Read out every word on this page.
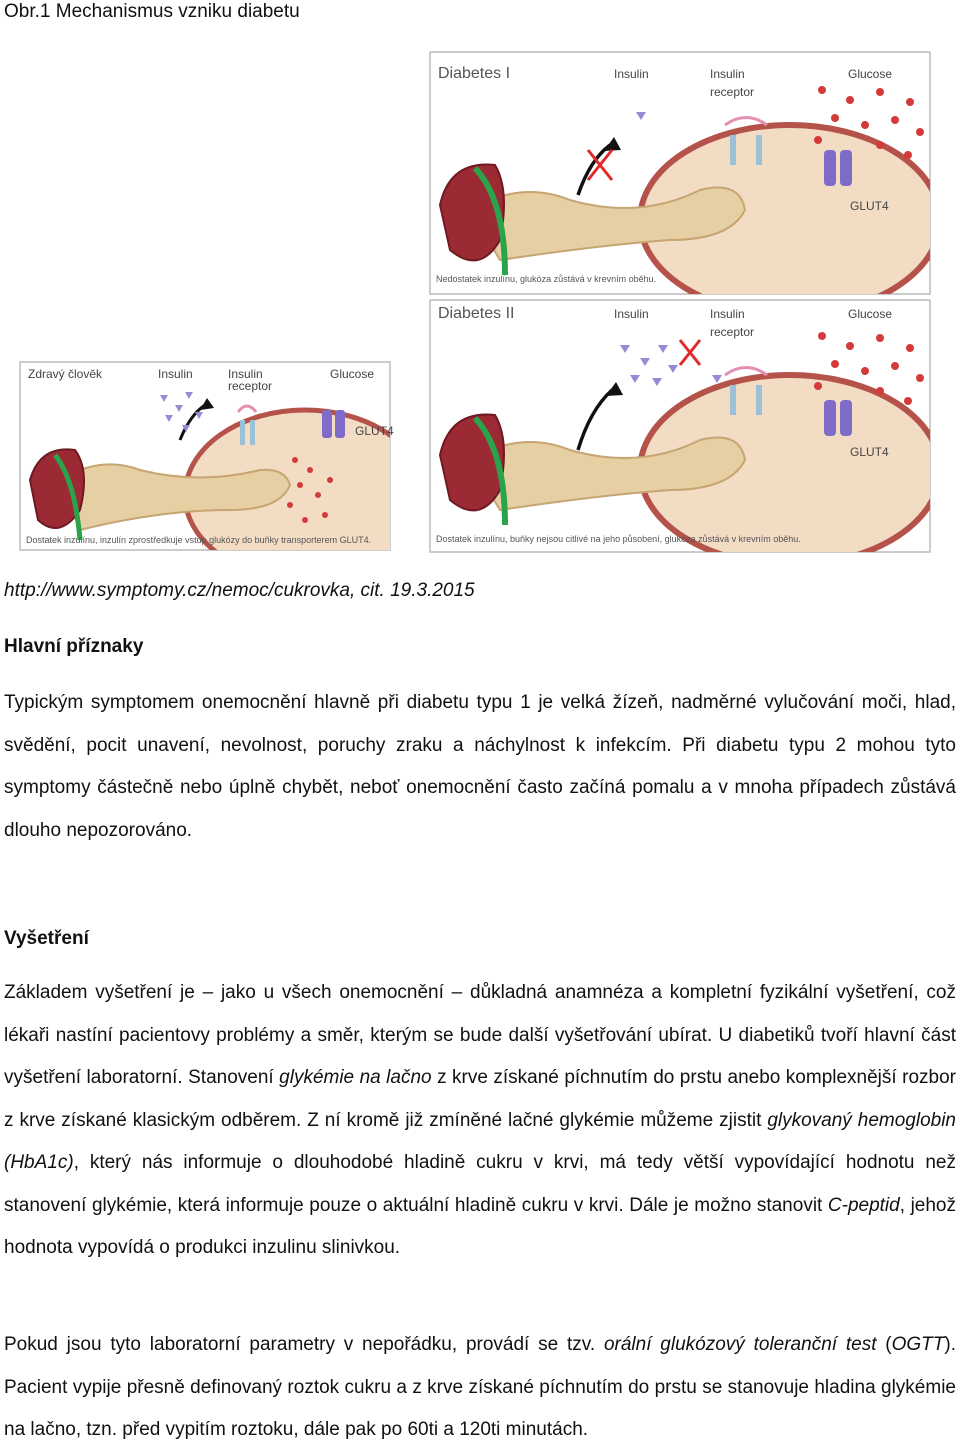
Obr.1 Mechanismus vzniku diabetu
Zdravý člověk	Insulin	Insulin
receptor
Glucose
GLUT4
Dostatek inzulínu, inzulín zprostředkuje vstup glukózy do buňky transporterem GLUT4.
Diabetes I	Insulin	Insulin
receptor
Glucose
GLUT4
Nedostatek inzulínu, glukóza zůstává v krevním oběhu.
Diabetes II	Insulin	Insulin
receptor
Glucose
GLUT4
Dostatek inzulínu, buňky nejsou citlivé na jeho působení, glukóza zůstává v krevním oběhu.
http://www.symptomy.cz/nemoc/cukrovka, cit. 19.3.2015
Hlavní příznaky

Typickým symptomem onemocnění hlavně při diabetu typu 1 je velká žízeň, nadměrné vylučování moči, hlad, svědění, pocit unavení, nevolnost, poruchy zraku a náchylnost k infekcím. Při diabetu typu 2 mohou tyto symptomy částečně nebo úplně chybět, neboť onemocnění často začíná pomalu a v mnoha případech zůstává dlouho nepozorováno.

Vyšetření

Základem vyšetření je – jako u všech onemocnění – důkladná anamnéza a kompletní fyzikální vyšetření, což lékaři nastíní pacientovy problémy a směr, kterým se bude další vyšetřování ubírat. U diabetiků tvoří hlavní část vyšetření laboratorní. Stanovení glykémie na lačno z krve získané píchnutím do prstu anebo komplexnější rozbor z krve získané klasickým odběrem. Z ní kromě již zmíněné lačné glykémie můžeme zjistit glykovaný hemoglobin (HbA1c), který nás informuje o dlouhodobé hladině cukru v krvi, má tedy větší vypovídající hodnotu než stanovení glykémie, která informuje pouze o aktuální hladině cukru v krvi. Dále je možno stanovit C-peptid, jehož hodnota vypovídá o produkci inzulinu slinivkou.

Pokud jsou tyto laboratorní parametry v nepořádku, provádí se tzv. orální glukózový toleranční test (OGTT). Pacient vypije přesně definovaný roztok cukru a z krve získané píchnutím do prstu se stanovuje hladina glykémie na lačno, tzn. před vypitím roztoku, dále pak po 60ti a 120ti minutách.
